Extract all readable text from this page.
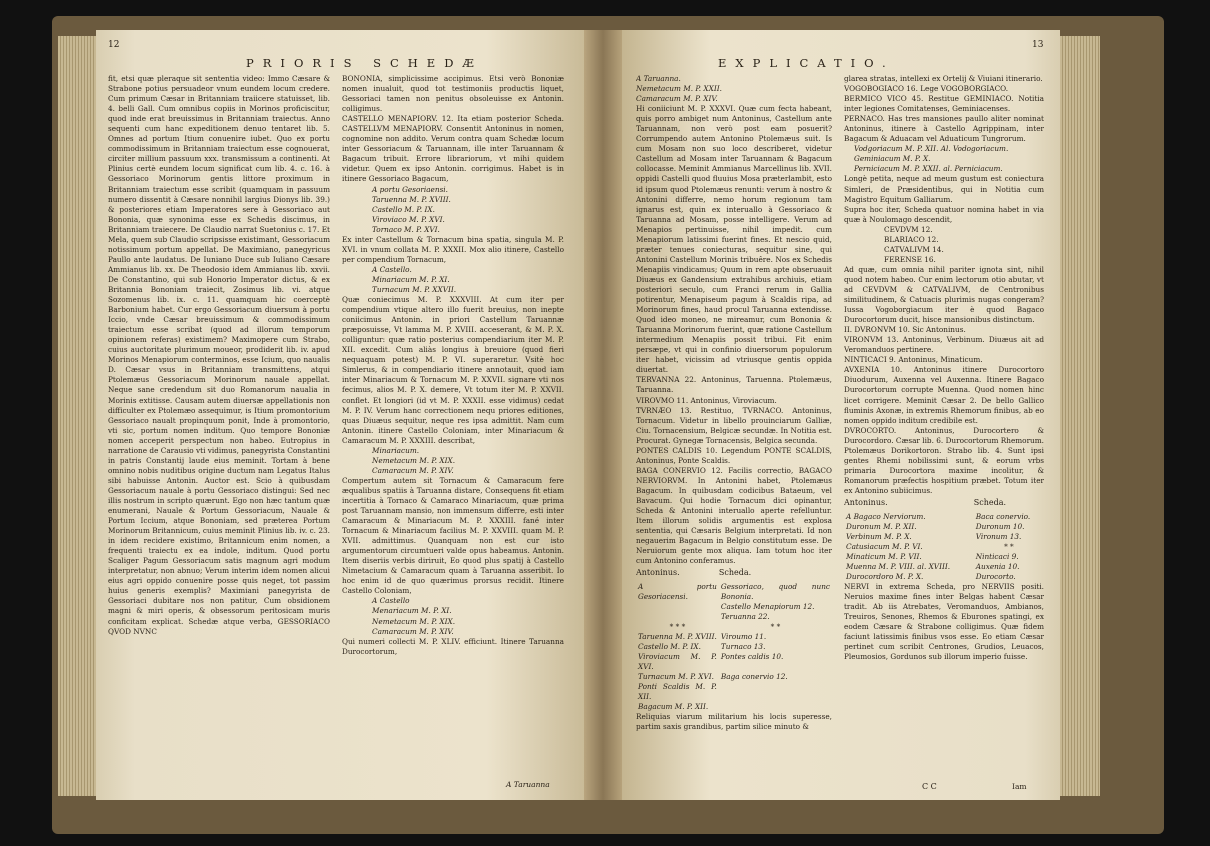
12
PRIORIS SCHEDÆ

fit, etsi quæ pleraque sit sententia video: Immo Cæsare & Strabone potius persuadeor vnum eundem locum credere. Cum primum Cæsar in Britanniam traiicere statuisset, lib. 4. belli Gall. Cum omnibus copiis in Morinos proficiscitur, quod inde erat breuissimus in Britanniam traiectus. Anno sequenti cum hanc expeditionem denuo tentaret lib. 5. Omnes ad portum Itium conuenire iubet. Quo ex portu commodissimum in Britanniam traiectum esse cognouerat, circiter millium passuum xxx. transmissum a continenti. At Plinius certè eundem locum significat cum lib. 4. c. 16. à Gessoriaco Morinorum gentis littore proximum in Britanniam traiectum esse scribit (quamquam in passuum numero dissentit à Cæsare nonnihil largius Dionys lib. 39.) & posteriores etiam Imperatores sere à Gessoriaco aut Bononia, quæ synonima esse ex Schedis discimus, in Britanniam traiecere. De Claudio narrat Suetonius c. 17. Et Mela, quem sub Claudio scripsisse existimant, Gessoriacum notissimum portum appellat. De Maximiano, panegyricus Paullo ante laudatus. De Iuniano Duce sub Iuliano Cæsare Ammianus lib. xx. De Theodosio idem Ammianus lib. xxvii. De Constantino, qui sub Honorio Imperator dictus, & ex Britannia Bononiam traiecit, Zosimus lib. vi. atque Sozomenus lib. ix. c. 11. quamquam hic coerceptè Barbonium habet. Cur ergo Gessoriacum diuersum à portu Iccio, vnde Cæsar breuissimum & commodissimum traiectum esse scribat (quod ad illorum temporum opinionem referas) existimem? Maximopere cum Strabo, cuius auctoritate plurimum moueor, prodiderit lib. iv. apud Morinos Menapiorum conterminos, esse Icium, quo naualis D. Cæsar vsus in Britanniam transmittens, atqui Ptolemæus Gessoriacum Morinorum nauale appellat. Neque sane credendum sit duo Romanorum naualia in Morinis extitisse. Causam autem diuersæ appellationis non difficulter ex Ptolemæo assequimur, is Itium promontorium Gessoriaco naualt propinquum ponit, Inde à promontorio, vti sic, portum nomen inditum. Quo tempore Bononiæ nomen acceperit perspectum non habeo. Eutropius in narratione de Carausio vti vidimus, panegyrista Constantini in patris Constantij laude eius meminit. Tortam à bene omnino nobis nuditibus origine ductum nam Legatus Italus sibi habuisse Antonin. Auctor est. Scio à quibusdam Gessoriacum nauale à portu Gessoriaco distingui: Sed nec illis nostrum in scripto quærunt. Ego non hæc tantum quæ enumerani, Nauale & Portum Gessoriacum, Nauale & Portum Iccium, atque Bononiam, sed præterea Portum Morinorum Britannicum, cuius meminit Plinius lib. iv. c. 23. in idem recidere existimo, Britannicum enim nomen, a frequenti traiectu ex ea indole, inditum. Quod portu Scaliger Pagum Gessoriacum satis magnum agri modum interpretatur, non abnuo; Verum interim idem nomen alicui eius agri oppido conuenire posse quis neget, tot passim huius generis exemplis? Maximiani panegyrista de Gessoriaci dubitare nos non patitur, Cum obsidionem magni & miri operis, & obsessorum peritosicam muris conficitam explicat. Schedæ atque verba, GESSORIACO QVOD NVNC

BONONIA, simplicissime accipimus. Etsi verò Bononiæ nomen inualuit, quod tot testimoniis productis liquet, Gessoriaci tamen non penitus obsoleuisse ex Antonin. colligimus.

CASTELLO MENAPIORV. 12. Ita etiam posterior Scheda. CASTELLVM MENAPIORV. Consentit Antoninus in nomen, cognomine non addito. Verum contra quam Schedæ locum inter Gessoriacum & Taruannam, ille inter Taruannam & Bagacum tribuit. Errore librariorum, vt mihi quidem videtur. Quem ex ipso Antonin. corrigimus. Habet is in itinere Gessoriaco Bagacum,

A portu Gesoriaensi.
Taruenna M. P. XVIII.
Castello M. P. IX.
Viroviaco M. P. XVI.
Tornaco M. P. XVI.

Ex inter Castellum & Tornacum bina spatia, singula M. P. XVI. in vnum collata M. P. XXXII. Mox alio itinere, Castello per compendium Tornacum,

A Castello.
Minariacum M. P. XI.
Turnacum M. P. XXVII.

Quæ coniecimus M. P. XXXVIII. At cum iter per compendium vtique altero illo fuerit breuius, non inepte coniicimus Antonin. in priori Castellum Taruannæ præposuisse, Vt lamma M. P. XVIII. acceserant, & M. P. X. colliguntur: quæ ratio posterius compendiarium iter M. P. XII. excedit. Cum aliàs longius à breuiore (quod fieri nequaquam potest) M. P. VI. superaretur. Vsitè hoc Simlerus, & in compendiario itinere annotauit, quod iam inter Minariacum & Tornacum M. P. XXVII. signare vti nos fecimus, alios M. P. X. demere, Vt totum iter M. P. XXVII. conflet. Et longiori (id vt M. P. XXXII. esse vidimus) cedat M. P. IV. Verum hanc correctionem nequ priores editiones, quas Diuæus sequitur, neque res ipsa admittit. Nam cum Antonin. itinere Castello Coloniam, inter Minariacum & Camaracum M. P. XXXIII. describat,

Minariacum.
Nemetacum M. P. XIX.
Camaracum M. P. XIV.

Compertum autem sit Tornacum & Camaracum fere æqualibus spatiis à Taruanna distare, Consequens fit etiam incertitia à Tornaco & Camaraco Minariacum, quæ prima post Taruannam mansio, non immensum differre, esti inter Camaracum & Minariacum M. P. XXXIII. fané inter Tornacum & Minariacum facilius M. P. XXVIII. quam M. P. XVII. admittimus. Quanquam non est cur isto argumentorum circumtueri valde opus habeamus. Antonin. Item diseriis verbis diriruit, Eo quod plus spatij à Castello Nimetacium & Camaracum quam à Taruanna asseribit. Io hoc enim id de quo quærimus prorsus recidit. Itinere Castello Coloniam,

A Castello
Menariacum M. P. XI.
Nemetacum M. P. XIX.
Camaracum M. P. XIV.

Qui numeri collecti M. P. XLIV. efficiunt. Itinere Taruanna Durocortorum,

A Taruanna
EXPLICATIO.
13
A Taruanna.
Nemetacum M. P. XXII.
Camaracum M. P. XIV.

Hi coniiciunt M. P. XXXVI. Quæ cum fecta habeant, quis porro ambiget num Antoninus, Castellum ante Taruannam, non verò post eam posuerit? Corrumpendo autem Antonino Ptolemæus suit. Is cum Mosam non suo loco describeret, videtur Castellum ad Mosam inter Taruannam & Bagacum collocasse. Meminit Ammianus Marcellinus lib. XVII. oppidi Castelli quod fluuius Mosa præterlambit, esto id ipsum quod Ptolemæus renunti: verum à nostro & Antonini differre, nemo horum regionum tam ignarus est, quin ex interuallo à Gessoriaco & Taruanna ad Mosam, posse intelligere. Verum ad Menapios pertinuisse, nihil impedit. cum Menapiorum latissimi fuerint fines. Et nescio quid, præter tenues coniecturas, sequitur sine, qui Antonini Castellum Morinis tribuêre. Nos ex Schedis Menapiis vindicamus; Quum in rem apte obseruauit Diuæus ex Gandensium extrahibus archiuis, etiam posteriori seculo, cum Franci rerum in Gallia potirentur, Menapiseum pagum à Scaldis ripa, ad Morinorum fines, haud procul Taruanna extendisse. Quod ideo moneo, ne mireamur, cum Bononia & Taruanna Morinorum fuerint, quæ ratione Castellum intermedium Menapiis possit tribui. Fit enim persæpe, vt qui in confinio diuersorum populorum iter habet, vicissim ad vtriusque gentis oppida diuertat.

TERVANNA 22. Antoninus, Taruenna. Ptolemæus, Taruanna.

VIROVMO 11. Antoninus, Viroviacum.

TVRNÆO 13. Restituo, TVRNACO. Antoninus, Tornacum. Videtur in libello prouinciarum Galliæ, Ciu. Tornacensium, Belgicæ secundæ. In Notitia est. Procurat. Gynegæ Tornacensis, Belgica secunda.

PONTES CALDIS 10. Legendum PONTE SCALDIS, Antoninus, Ponte Scaldis.

BAGA CONERVIO 12. Facilis correctio, BAGACO NERVIORVM. In Antonini habet, Ptolemæus Bagacum. In quibusdam codicibus Bataeum, vel Bavacum. Qui hodie Tornacum dici opinantur, Scheda & Antonini interuallo aperte refelluntur. Item illorum solidis argumentis est explosa sententia, qui Cæsaris Belgium interpretati. Id non negauerim Bagacum in Belgio constitutum esse. De Neruiorum gente mox aliqua. Iam totum hoc iter cum Antonino conferamus.

Antoninus.	Scheda.
A portu Gesoriacensi.	Gessoriaco, quod nunc Bononia.
	Castello Menapiorum 12.
	Teruanna 22.
* * *	* *
Taruenna M. P. XVIII.	Viroumo 11.
Castello M. P. IX.	Turnaco 13.
Viroviacum M. P. XVI.	Pontes caldis 10.
Turnacum M. P. XVI.	Baga conervio 12.
Ponti Scaldis M. P. XII.	
Bagacum M. P. XII.	

Reliquias viarum militarium his locis superesse, partim saxis grandibus, partim silice minuto &

glarea stratas, intellexi ex Ortelij & Viuiani itinerario.

VOGOBOGIACO 16. Lege VOGOBORGIACO.

BERMICO VICO 45. Restitue GEMINIACO. Notitia inter legiones Comitatenses, Geminiacenses.

PERNACO. Has tres mansiones paullo aliter nominat Antoninus, itinere à Castello Agrippinam, inter Bagacum & Aduacam vel Aduaticum Tungrorum.

Vodgoriacum M. P. XII. Al. Vodogoriacum.
Geminiacum M. P. X.
Perniciacum M. P. XXII. al. Perniciacum.

Longè petita, neque ad meum gustum est coniectura Simleri, de Præsidentibus, qui in Notitia cum Magistro Equitum Galliarum.

Supra hoc iter, Scheda quatuor nomina habet in via quæ à Noulomago descendit,

CEVDVM 12.
BLARIACO 12.
CATVALIVM 14.
FERENSE 16.

Ad quæ, cum omnia nihil pariter ignota sint, nihil quod notem habeo. Cur enim lectorum otio abutar, vt ad CEVDVM & CATVALIVM, de Centronibus similitudinem, & Catuacis plurimis nugas congeram? Iussa Vogoborgiacum iter è quod Bagaco Durocortorum ducit, hisce mansionibus distinctum.

II. DVRONVM 10. Sic Antoninus.

VIRONVM 13. Antoninus, Verbinum. Diuæus ait ad Veromanduos pertinere.

NINTICACI 9. Antoninus, Minaticum.

AVXENIA 10. Antoninus itinere Durocortoro Diuodurum, Auxenna vel Auxenna. Itinere Bagaco Durocortorum corrupte Muenna. Quod nomen hinc licet corrigere. Meminit Cæsar 2. De bello Gallico fluminis Axonæ, in extremis Rhemorum finibus, ab eo nomen oppido inditum credibile est.

DVROCORTO. Antoninus, Durocortero & Durocordoro. Cæsar lib. 6. Durocortorum Rhemorum. Ptolemæus Dorikortoron. Strabo lib. 4. Sunt ipsi gentes Rhemi nobilissimi sunt, & eorum vrbs primaria Durocortora maxime incolitur, & Romanorum præfectis hospitium præbet. Totum iter ex Antonino subiicimus.

Antoninus.	Scheda.
A Bagaco Nerviorum.	Baca conervio.
Duronum M. P. XII.	Duronum 10.
Verbinum M. P. X.	Vironum 13.
Catusiacum M. P. VI.	* *
Minaticum M. P. VII.	Ninticaci 9.
Muenna M. P. VIII. al. XVIII.	Auxenia 10.
Durocordoro M. P. X.	Durocorto.

NERVI in extrema Scheda, pro NERVIIS positi. Neruios maxime fines inter Belgas habent Cæsar tradit. Ab iis Atrebates, Veromanduos, Ambianos, Treuiros, Senones, Rhemos & Eburones spatingi, ex eodem Cæsare & Strabone colligimus. Quæ fidem faciunt latissimis finibus vsos esse. Eo etiam Cæsar pertinet cum scribit Centrones, Grudios, Leuacos, Pleumosios, Gordunos sub illorum imperio fuisse.

C C	Iam
